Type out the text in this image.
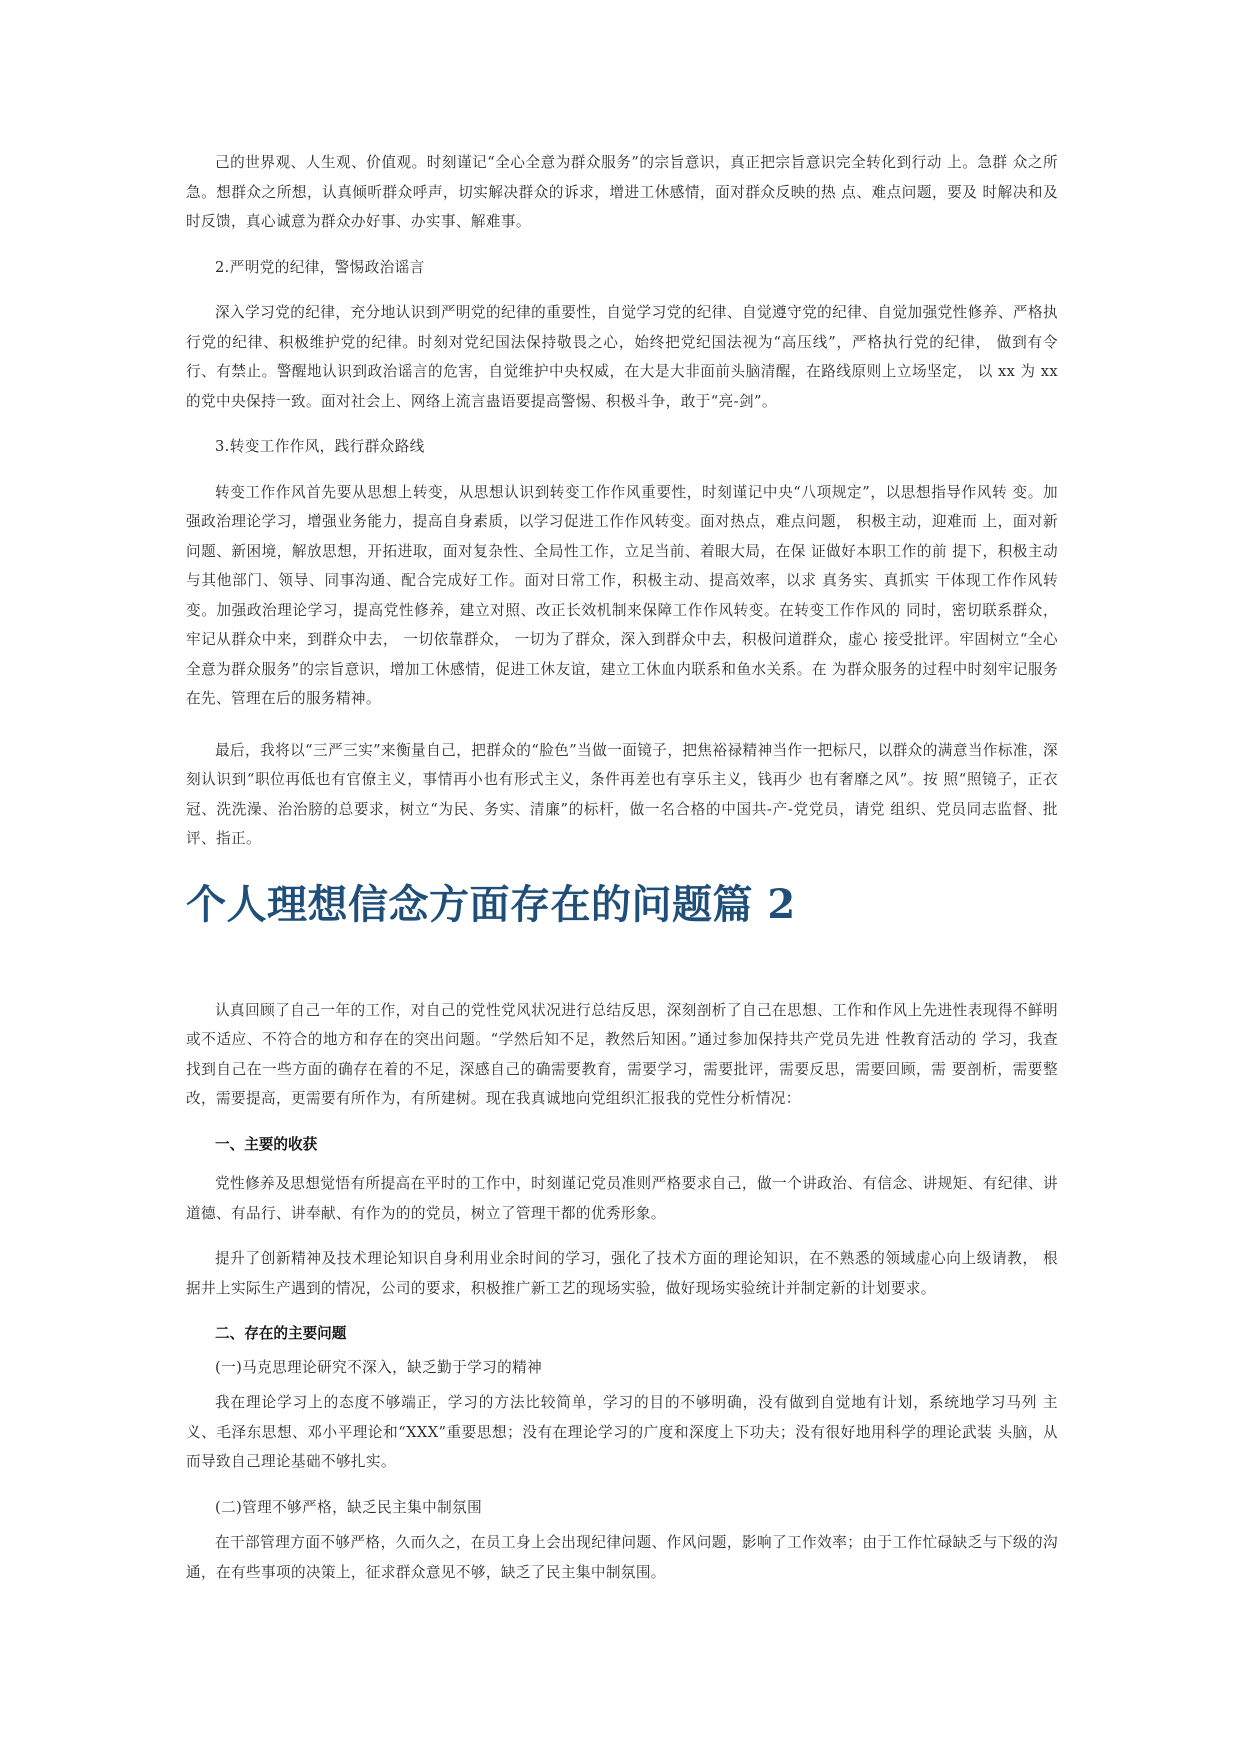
己的世界观、人生观、价值观。时刻谨记“全心全意为群众服务”的宗旨意识，真正把宗旨意识完全转化到行动 上。急群 众之所急。想群众之所想，认真倾听群众呼声，切实解决群众的诉求，增进工休感情，面对群众反映的热 点、难点问题，要及 时解决和及时反馈，真心诚意为群众办好事、办实事、解难事。

2.严明党的纪律，警惕政治谣言

深入学习党的纪律，充分地认识到严明党的纪律的重要性，自觉学习党的纪律、自觉遵守党的纪律、自觉加强党性修养、严格执行党的纪律、积极维护党的纪律。时刻对党纪国法保持敬畏之心，始终把党纪国法视为“高压线”，严格执行党的纪律， 做到有令行、有禁止。警醒地认识到政治谣言的危害，自觉维护中央权威，在大是大非面前头脑清醒，在路线原则上立场坚定， 以 xx 为 xx 的党中央保持一致。面对社会上、网络上流言蛊语要提高警惕、积极斗争，敢于“亮-剑”。

3.转变工作作风，践行群众路线

转变工作作风首先要从思想上转变，从思想认识到转变工作作风重要性，时刻谨记中央“八项规定”，以思想指导作风转 变。加强政治理论学习，增强业务能力，提高自身素质，以学习促进工作作风转变。面对热点，难点问题， 积极主动，迎难而 上，面对新问题、新困境，解放思想，开拓进取，面对复杂性、全局性工作，立足当前、着眼大局，在保 证做好本职工作的前 提下，积极主动与其他部门、领导、同事沟通、配合完成好工作。面对日常工作，积极主动、提高效率，以求 真务实、真抓实 干体现工作作风转变。加强政治理论学习，提高党性修养，建立对照、改正长效机制来保障工作作风转变。在转变工作作风的 同时，密切联系群众，牢记从群众中来，到群众中去， 一切依靠群众， 一切为了群众，深入到群众中去，积极问道群众，虚心 接受批评。牢固树立“全心全意为群众服务”的宗旨意识，增加工休感情，促进工休友谊，建立工休血内联系和鱼水关系。在 为群众服务的过程中时刻牢记服务在先、管理在后的服务精神。

最后，我将以“三严三实”来衡量自己，把群众的“脸色”当做一面镜子，把焦裕禄精神当作一把标尺，以群众的满意当作标准，深刻认识到“职位再低也有官僚主义，事情再小也有形式主义，条件再差也有享乐主义，钱再少 也有奢靡之风”。按 照“照镜子，正衣冠、洗洗澡、治治膀的总要求，树立“为民、务实、清廉”的标杆，做一名合格的中国共-产-党党员，请党 组织、党员同志监督、批评、指正。

个人理想信念方面存在的问题篇 2

认真回顾了自己一年的工作，对自己的党性党风状况进行总结反思，深刻剖析了自己在思想、工作和作风上先进性表现得不鲜明或不适应、不符合的地方和存在的突出问题。“学然后知不足，教然后知困。”通过参加保持共产党员先进 性教育活动的 学习，我查找到自己在一些方面的确存在着的不足，深感自己的确需要教育，需要学习，需要批评，需要反思，需要回顾，需 要剖析，需要整改，需要提高，更需要有所作为，有所建树。现在我真诚地向党组织汇报我的党性分析情况：

一、主要的收获

党性修养及思想觉悟有所提高在平时的工作中，时刻谨记党员准则严格要求自己，做一个讲政治、有信念、讲规矩、有纪律、讲道德、有品行、讲奉献、有作为的的党员，树立了管理干都的优秀形象。

提升了创新精神及技术理论知识自身利用业余时间的学习，强化了技术方面的理论知识，在不熟悉的领域虚心向上级请教， 根据井上实际生产遇到的情况，公司的要求，积极推广新工艺的现场实验，做好现场实验统计并制定新的计划要求。

二、存在的主要问题

(一)马克思理论研究不深入，缺乏勤于学习的精神

我在理论学习上的态度不够端正，学习的方法比较简单，学习的目的不够明确，没有做到自觉地有计划，系统地学习马列 主义、毛泽东思想、邓小平理论和“XXX”重要思想；没有在理论学习的广度和深度上下功夫；没有很好地用科学的理论武装 头脑，从而导致自己理论基础不够扎实。

(二)管理不够严格，缺乏民主集中制氛围

在干部管理方面不够严格，久而久之，在员工身上会出现纪律问题、作风问题，影响了工作效率；由于工作忙碌缺乏与下级的沟通，在有些事项的决策上，征求群众意见不够，缺乏了民主集中制氛围。
